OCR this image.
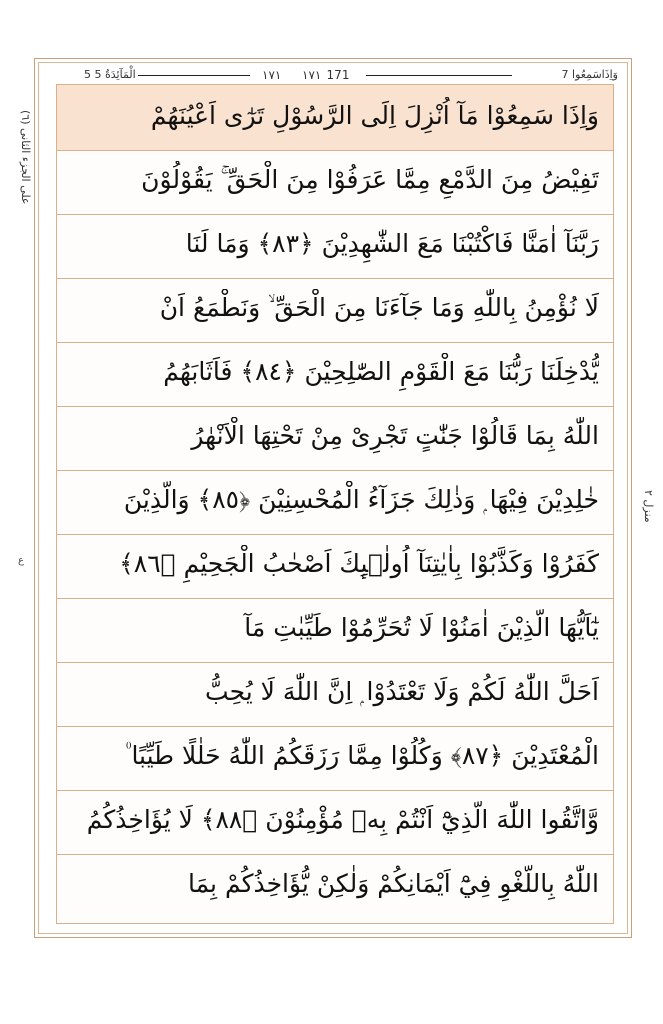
7 وَاِذَاسَمِعُوا
171
١٧١
١٧١
5 الْمَآئِدَةُ 5
(٦) علی الجزء الثانی
ع
منزل ۲
وَاِذَا سَمِعُوْا مَآ اُنْزِلَ اِلَى الرَّسُوْلِ تَرٰٓى اَعْيُنَهُمْ
تَفِيْضُ مِنَ الدَّمْعِ مِمَّا عَرَفُوْا مِنَ الْحَقِّ ۚ يَقُوْلُوْنَ
رَبَّنَآ اٰمَنَّا فَاكْتُبْنَا مَعَ الشّٰهِدِيْنَ ﴿٨٣﴾ وَمَا لَنَا
لَا نُؤْمِنُ بِاللّٰهِ وَمَا جَآءَنَا مِنَ الْحَقِّ ۙ وَنَطْمَعُ اَنْ
يُّدْخِلَنَا رَبُّنَا مَعَ الْقَوْمِ الصّٰلِحِيْنَ ﴿٨٤﴾ فَاَثَابَهُمُ
اللّٰهُ بِمَا قَالُوْا جَنّٰتٍ تَجْرِىْ مِنْ تَحْتِهَا الْاَنْهٰرُ
خٰلِدِيْنَ فِيْهَا ۭ وَذٰلِكَ جَزَآءُ الْمُحْسِنِيْنَ ﴿٨٥﴾ وَالَّذِيْنَ
كَفَرُوْا وَكَذَّبُوْا بِاٰيٰتِنَآ اُولٰۗىِٕكَ اَصْحٰبُ الْجَحِيْمِ ﴿٨٦﴾
يٰٓاَيُّهَا الَّذِيْنَ اٰمَنُوْا لَا تُحَرِّمُوْا طَيِّبٰتِ مَآ
اَحَلَّ اللّٰهُ لَكُمْ وَلَا تَعْتَدُوْا ۭ اِنَّ اللّٰهَ لَا يُحِبُّ
الْمُعْتَدِيْنَ ﴿٨٧﴾ وَكُلُوْا مِمَّا رَزَقَكُمُ اللّٰهُ حَلٰلًا طَيِّبًا ۠
وَّاتَّقُوا اللّٰهَ الَّذِيْٓ اَنْتُمْ بِهٖ مُؤْمِنُوْنَ ﴿٨٨﴾ لَا يُؤَاخِذُكُمُ
اللّٰهُ بِاللَّغْوِ فِيْٓ اَيْمَانِكُمْ وَلٰكِنْ يُّؤَاخِذُكُمْ بِمَا
